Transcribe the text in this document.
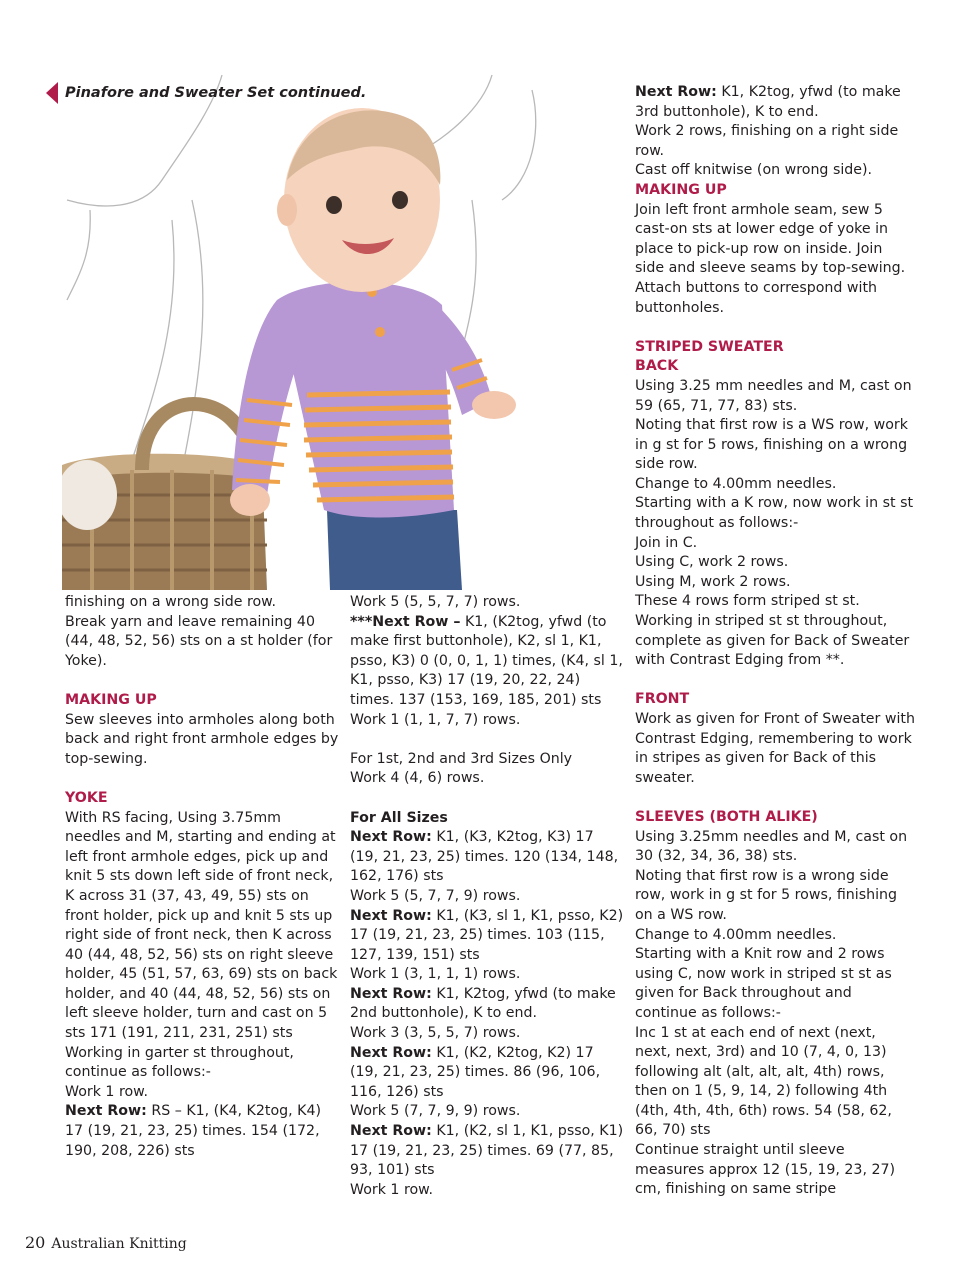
Pinafore and Sweater Set continued.

finishing on a wrong side row.
Break yarn and leave remaining 40 (44, 48, 52, 56) sts on a st holder (for Yoke).

MAKING UP

Sew sleeves into armholes along both back and right front armhole edges by top-sewing.

YOKE

With RS facing, Using 3.75mm needles and M, starting and ending at left front armhole edges, pick up and knit 5 sts down left side of front neck, K across 31 (37, 43, 49, 55) sts on front holder, pick up and knit 5 sts up right side of front neck, then K across 40 (44, 48, 52, 56) sts on right sleeve holder, 45 (51, 57, 63, 69) sts on back holder, and 40 (44, 48, 52, 56) sts on
left sleeve holder, turn and cast on 5 sts 171 (191, 211, 231, 251) sts
Working in garter st throughout, continue as follows:-
Work 1 row.

Next Row: RS – K1, (K4, K2tog, K4) 17 (19, 21, 23, 25) times. 154 (172, 190, 208, 226) sts

Work 5 (5, 5, 7, 7) rows.

***Next Row – K1, (K2tog, yfwd (to make first buttonhole), K2, sl 1, K1, psso, K3) 0 (0, 0, 1, 1) times, (K4, sl 1, K1, psso, K3) 17 (19, 20, 22, 24) times. 137 (153, 169, 185, 201) sts
Work 1 (1, 1, 7, 7) rows.

For 1st, 2nd and 3rd Sizes Only
Work 4 (4, 6) rows.

For All Sizes

Next Row: K1, (K3, K2tog, K3) 17 (19, 21, 23, 25) times. 120 (134, 148, 162, 176) sts
Work 5 (5, 7, 7, 9) rows.

Next Row: K1, (K3, sl 1, K1, psso, K2) 17 (19, 21, 23, 25) times. 103 (115, 127, 139, 151) sts
Work 1 (3, 1, 1, 1) rows.

Next Row: K1, K2tog, yfwd (to make 2nd buttonhole), K to end.
Work 3 (3, 5, 5, 7) rows.

Next Row: K1, (K2, K2tog, K2) 17 (19, 21, 23, 25) times. 86 (96, 106, 116, 126) sts
Work 5 (7, 7, 9, 9) rows.

Next Row: K1, (K2, sl 1, K1, psso, K1) 17 (19, 21, 23, 25) times. 69 (77, 85, 93, 101) sts
Work 1 row.

Next Row: K1, K2tog, yfwd (to make 3rd buttonhole), K to end.
Work 2 rows, finishing on a right side row.
Cast off knitwise (on wrong side).

MAKING UP

Join left front armhole seam, sew 5 cast-on sts at lower edge of yoke in place to pick-up row on inside. Join side and sleeve seams by top-sewing. Attach buttons to correspond with buttonholes.

STRIPED SWEATER

BACK

Using 3.25 mm needles and M, cast on 59 (65, 71, 77, 83) sts.
Noting that first row is a WS row, work in g st for 5 rows, finishing on a wrong side row.
Change to 4.00mm needles.
Starting with a K row, now work in st st throughout as follows:-
Join in C.
Using C, work 2 rows.
Using M, work 2 rows.
These 4 rows form striped st st.
Working in striped st st throughout, complete as given for Back of Sweater with Contrast Edging from **.

FRONT

Work as given for Front of Sweater with Contrast Edging, remembering to work in stripes as given for Back of this sweater.

SLEEVES (BOTH ALIKE)

Using 3.25mm needles and M, cast on 30 (32, 34, 36, 38) sts.
Noting that first row is a wrong side row, work in g st for 5 rows, finishing on a WS row.
Change to 4.00mm needles.
Starting with a Knit row and 2 rows using C, now work in striped st st as given for Back throughout and continue as follows:-
Inc 1 st at each end of next (next, next, next, 3rd) and 10 (7, 4, 0, 13) following alt (alt, alt, alt, 4th) rows, then on 1 (5, 9, 14, 2) following 4th (4th, 4th, 4th, 6th) rows. 54 (58, 62, 66, 70) sts
Continue straight until sleeve measures approx 12 (15, 19, 23, 27) cm, finishing on same stripe

20 Australian Knitting
